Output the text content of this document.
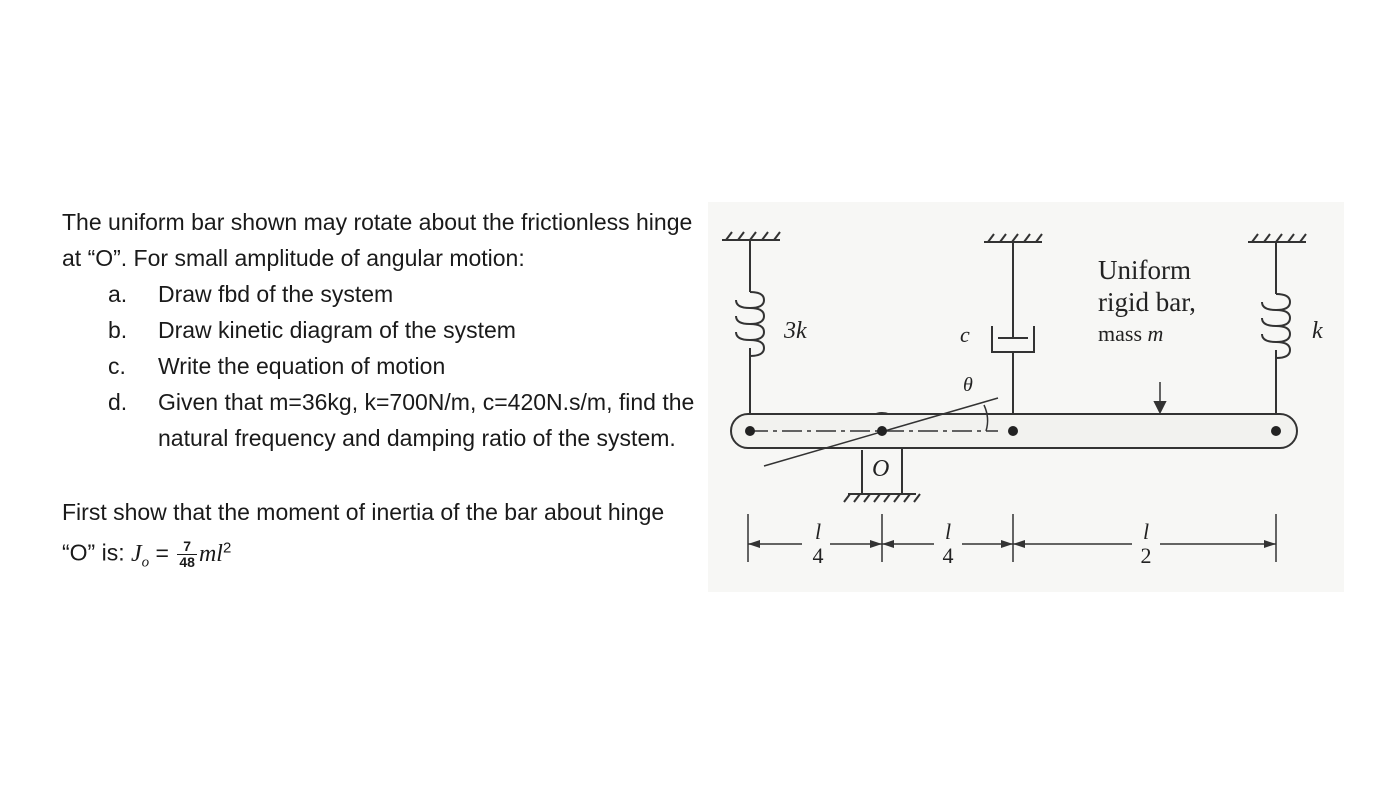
The uniform bar shown may rotate about the frictionless hinge at “O”. For small amplitude of angular motion:

a. Draw fbd of the system
b. Draw kinetic diagram of the system
c. Write the equation of motion
d. Given that m=36kg, k=700N/m, c=420N.s/m, find the natural frequency and damping ratio of the system.

First show that the moment of inertia of the bar about hinge “O” is: $J_o = \frac{7}{48} ml^2$

3k	k
c
θ
O
Uniform
rigid bar,
mass m
l
4
l
4
l
2
